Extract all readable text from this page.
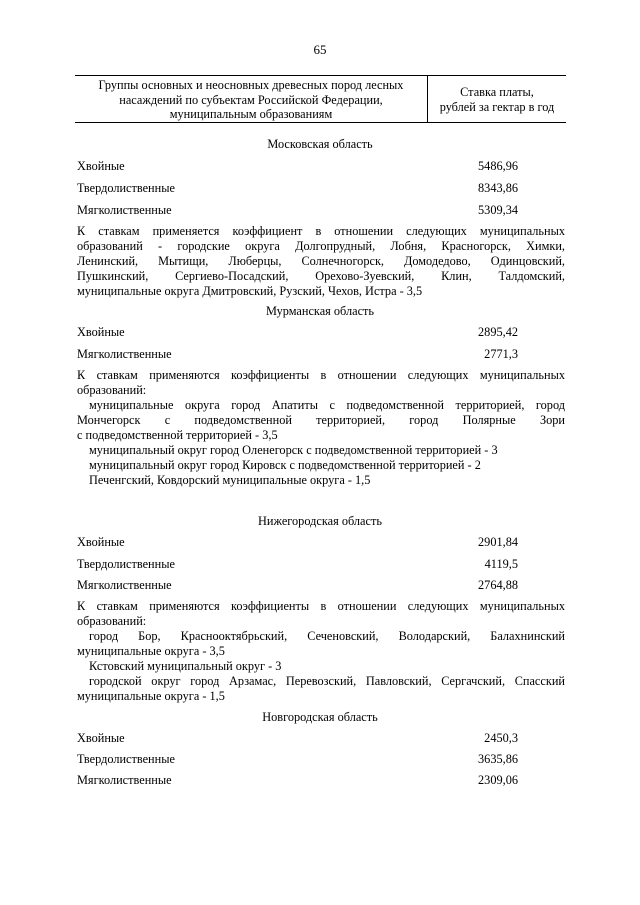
65
Группы основных и неосновных древесных пород лесных
насаждений по субъектам Российской Федерации,
муниципальным образованиям
Ставка платы,
рублей за гектар в год
Московская область
Хвойные	5486,96
Твердолиственные	8343,86
Мягколиственные	5309,34
К ставкам применяется коэффициент в отношении следующих муниципальных
образований - городские округа Долгопрудный, Лобня, Красногорск, Химки,
Ленинский, Мытищи, Люберцы, Солнечногорск, Домодедово, Одинцовский,
Пушкинский, Сергиево-Посадский, Орехово-Зуевский, Клин, Талдомский,
муниципальные округа Дмитровский, Рузский, Чехов, Истра - 3,5
Мурманская область
Хвойные	2895,42
Мягколиственные	2771,3
К ставкам применяются коэффициенты в отношении следующих муниципальных
образований:
муниципальные округа город Апатиты с подведомственной территорией, город
Мончегорск с подведомственной территорией, город Полярные Зори
с подведомственной территорией - 3,5
муниципальный округ город Оленегорск с подведомственной территорией - 3
муниципальный округ город Кировск с подведомственной территорией - 2
Печенгский, Ковдорский муниципальные округа - 1,5
Нижегородская область
Хвойные	2901,84
Твердолиственные	4119,5
Мягколиственные	2764,88
К ставкам применяются коэффициенты в отношении следующих муниципальных
образований:
город Бор, Краснооктябрьский, Сеченовский, Володарский, Балахнинский
муниципальные округа - 3,5
Кстовский муниципальный округ - 3
городской округ город Арзамас, Перевозский, Павловский, Сергачский, Спасский
муниципальные округа - 1,5
Новгородская область
Хвойные	2450,3
Твердолиственные	3635,86
Мягколиственные	2309,06
